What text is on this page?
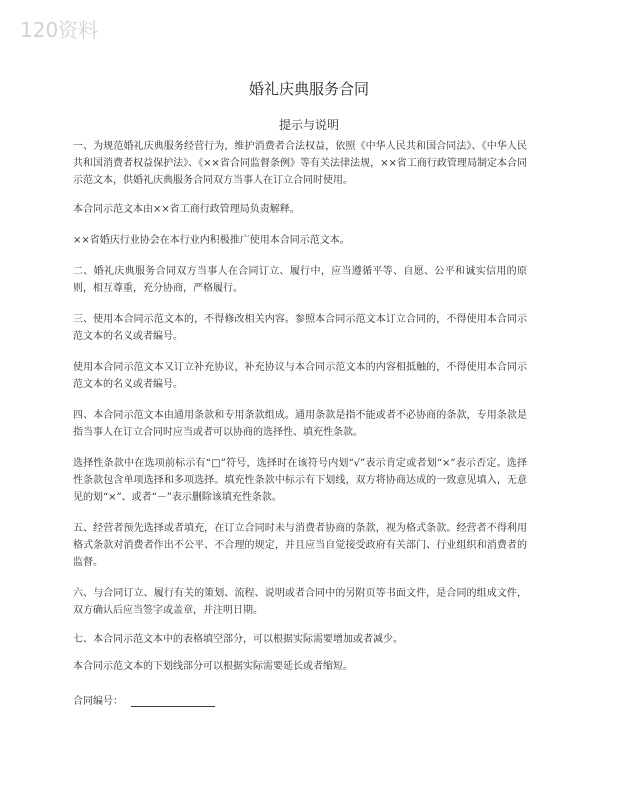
120资料
婚礼庆典服务合同
提示与说明

一、为规范婚礼庆典服务经营行为，维护消费者合法权益，依照《中华人民共和国合同法》、《中华人民共和国消费者权益保护法》、《××省合同监督条例》等有关法律法规，××省工商行政管理局制定本合同示范文本，供婚礼庆典服务合同双方当事人在订立合同时使用。

本合同示范文本由××省工商行政管理局负责解释。

××省婚庆行业协会在本行业内积极推广使用本合同示范文本。

二、婚礼庆典服务合同双方当事人在合同订立、履行中，应当遵循平等、自愿、公平和诚实信用的原则，相互尊重，充分协商，严格履行。

三、使用本合同示范文本的，不得修改相关内容。参照本合同示范文本订立合同的，不得使用本合同示范文本的名义或者编号。

使用本合同示范文本又订立补充协议，补充协议与本合同示范文本的内容相抵触的，不得使用本合同示范文本的名义或者编号。

四、本合同示范文本由通用条款和专用条款组成。通用条款是指不能或者不必协商的条款，专用条款是指当事人在订立合同时应当或者可以协商的选择性、填充性条款。

选择性条款中在选项前标示有“□”符号，选择时在该符号内划“√”表示肯定或者划“×”表示否定。选择性条款包含单项选择和多项选择。填充性条款中标示有下划线，双方将协商达成的一致意见填入，无意见的划“×”、或者“－”表示删除该填充性条款。

五、经营者预先选择或者填充，在订立合同时未与消费者协商的条款，视为格式条款。经营者不得利用格式条款对消费者作出不公平、不合理的规定，并且应当自觉接受政府有关部门、行业组织和消费者的监督。

六、与合同订立、履行有关的策划、流程、说明或者合同中的另附页等书面文件，是合同的组成文件，双方确认后应当签字或盖章，并注明日期。

七、本合同示范文本中的表格填空部分，可以根据实际需要增加或者减少。

本合同示范文本的下划线部分可以根据实际需要延长或者缩短。

合同编号：
